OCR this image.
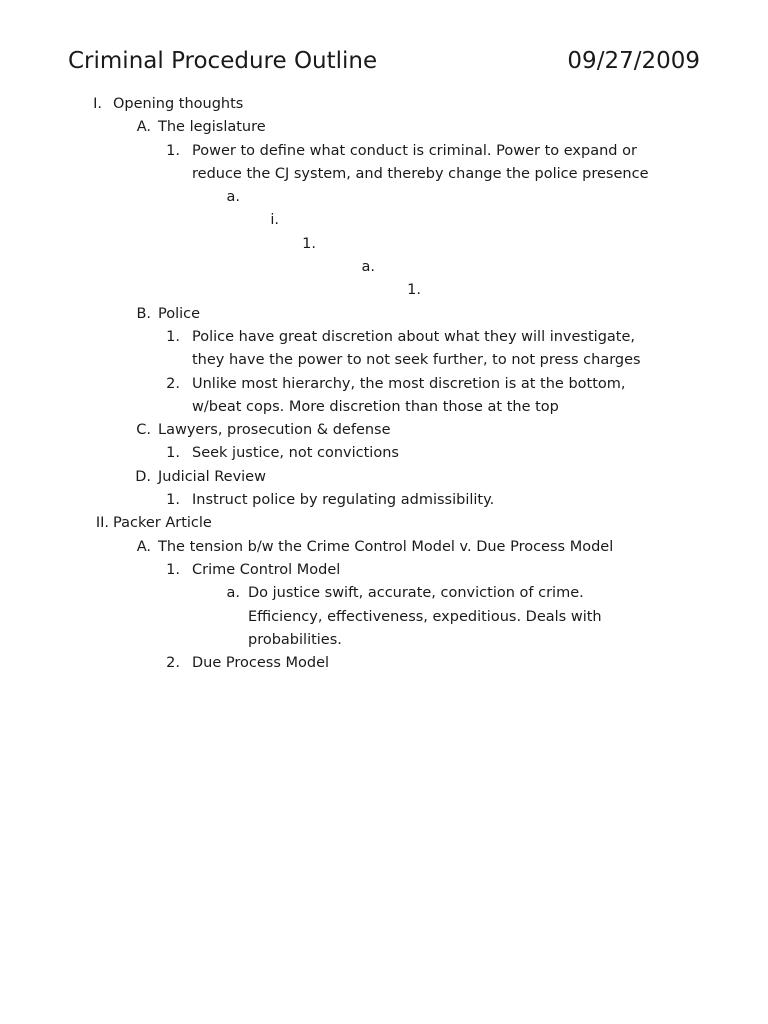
Criminal Procedure Outline	09/27/2009
I. Opening thoughts
A. The legislature
1. Power to define what conduct is criminal. Power to expand or
reduce the CJ system, and thereby change the police presence
a.
i.
1.
a.
1.
B. Police
1. Police have great discretion about what they will investigate,
they have the power to not seek further, to not press charges
2. Unlike most hierarchy, the most discretion is at the bottom,
w/beat cops. More discretion than those at the top
C. Lawyers, prosecution & defense
1. Seek justice, not convictions
D. Judicial Review
1. Instruct police by regulating admissibility.
II. Packer Article
A. The tension b/w the Crime Control Model v. Due Process Model
1. Crime Control Model
a. Do justice swift, accurate, conviction of crime.
Efficiency, effectiveness, expeditious. Deals with
probabilities.
2. Due Process Model
